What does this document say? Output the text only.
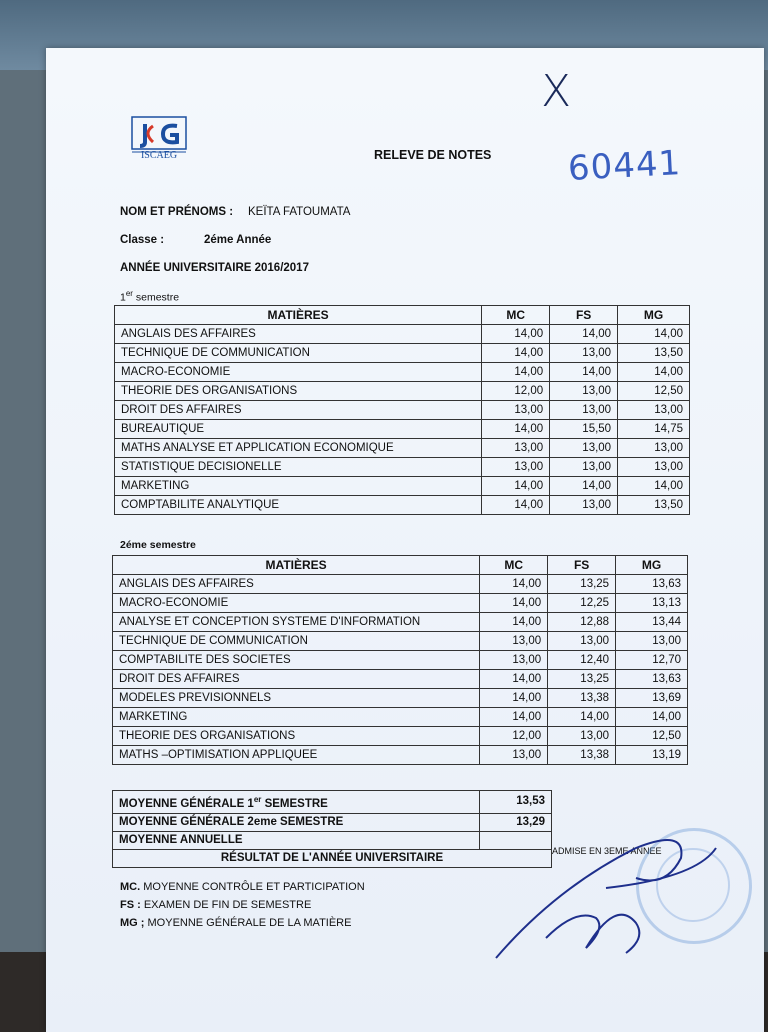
ISCAEG	RELEVE DE NOTES
X
60441
NOM ET PRÉNOMS : KEÏTA FATOUMATA
Classe :	2éme Année
ANNÉE UNIVERSITAIRE 2016/2017
1er semestre
MATIÈRES	MC	FS	MG
ANGLAIS DES AFFAIRES	14,00	14,00	14,00
TECHNIQUE DE COMMUNICATION	14,00	13,00	13,50
MACRO-ECONOMIE	14,00	14,00	14,00
THEORIE DES ORGANISATIONS	12,00	13,00	12,50
DROIT DES AFFAIRES	13,00	13,00	13,00
BUREAUTIQUE	14,00	15,50	14,75
MATHS ANALYSE ET APPLICATION ECONOMIQUE	13,00	13,00	13,00
STATISTIQUE DECISIONELLE	13,00	13,00	13,00
MARKETING	14,00	14,00	14,00
COMPTABILITE ANALYTIQUE	14,00	13,00	13,50
2éme semestre
MATIÈRES	MC	FS	MG
ANGLAIS DES AFFAIRES	14,00	13,25	13,63
MACRO-ECONOMIE	14,00	12,25	13,13
ANALYSE ET CONCEPTION SYSTEME D'INFORMATION	14,00	12,88	13,44
TECHNIQUE DE COMMUNICATION	13,00	13,00	13,00
COMPTABILITE DES SOCIETES	13,00	12,40	12,70
DROIT DES AFFAIRES	14,00	13,25	13,63
MODELES PREVISIONNELS	14,00	13,38	13,69
MARKETING	14,00	14,00	14,00
THEORIE DES ORGANISATIONS	12,00	13,00	12,50
MATHS –OPTIMISATION APPLIQUEE	13,00	13,38	13,19
MOYENNE GÉNÉRALE 1er SEMESTRE	13,53
MOYENNE GÉNÉRALE 2eme SEMESTRE	13,29
MOYENNE ANNUELLE	
RÉSULTAT DE L'ANNÉE UNIVERSITAIRE	
ADMISE EN 3EME ANNEE
MC. MOYENNE CONTRÔLE ET PARTICIPATION
FS : EXAMEN DE FIN DE SEMESTRE
MG ; MOYENNE GÉNÉRALE DE LA MATIÈRE
